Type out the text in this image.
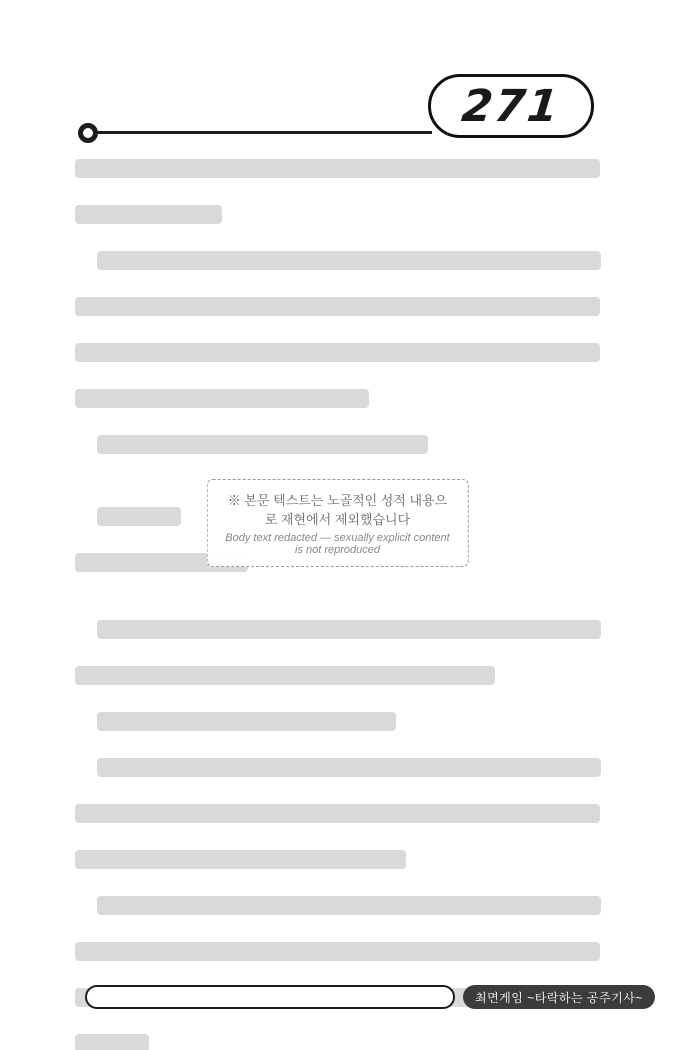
271
※ 본문 텍스트는 노골적인 성적 내용으로 재현에서 제외했습니다
Body text redacted — sexually explicit content is not reproduced
최면게임 ~타락하는 공주기사~
